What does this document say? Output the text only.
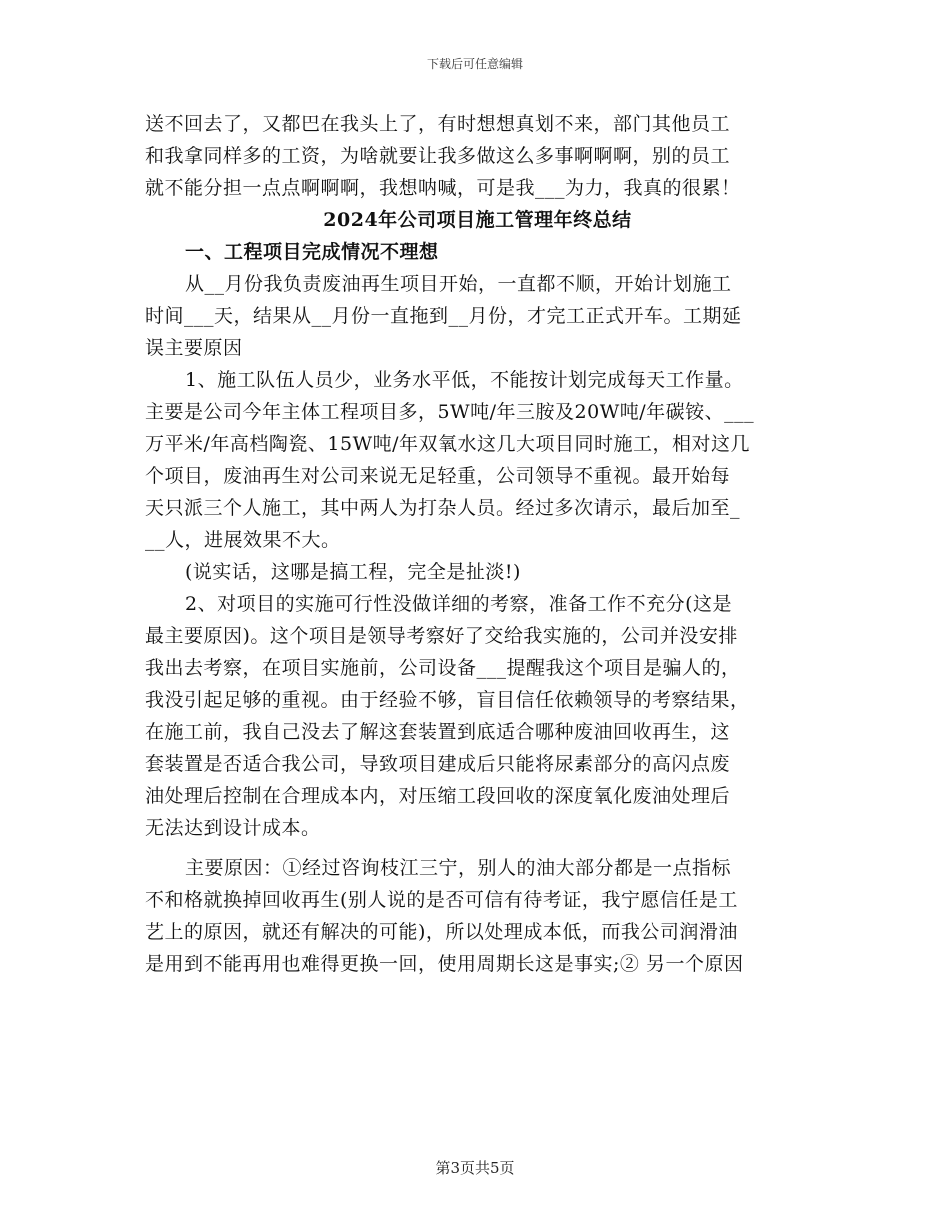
下载后可任意编辑
送不回去了，又都巴在我头上了，有时想想真划不来，部门其他员工
和我拿同样多的工资，为啥就要让我多做这么多事啊啊啊，别的员工
就不能分担一点点啊啊啊，我想呐喊，可是我___为力，我真的很累！
2024年公司项目施工管理年终总结
一、工程项目完成情况不理想
从__月份我负责废油再生项目开始，一直都不顺，开始计划施工
时间___天，结果从__月份一直拖到__月份，才完工正式开车。工期延
误主要原因
1、施工队伍人员少，业务水平低，不能按计划完成每天工作量。
主要是公司今年主体工程项目多，5W吨/年三胺及20W吨/年碳铵、___
万平米/年高档陶瓷、15W吨/年双氧水这几大项目同时施工，相对这几
个项目，废油再生对公司来说无足轻重，公司领导不重视。最开始每
天只派三个人施工，其中两人为打杂人员。经过多次请示，最后加至_
__人，进展效果不大。
(说实话，这哪是搞工程，完全是扯淡!)
2、对项目的实施可行性没做详细的考察，准备工作不充分(这是
最主要原因)。这个项目是领导考察好了交给我实施的，公司并没安排
我出去考察，在项目实施前，公司设备___提醒我这个项目是骗人的，
我没引起足够的重视。由于经验不够，盲目信任依赖领导的考察结果，
在施工前，我自己没去了解这套装置到底适合哪种废油回收再生，这
套装置是否适合我公司，导致项目建成后只能将尿素部分的高闪点废
油处理后控制在合理成本内，对压缩工段回收的深度氧化废油处理后
无法达到设计成本。
主要原因：①经过咨询枝江三宁，别人的油大部分都是一点指标
不和格就换掉回收再生(别人说的是否可信有待考证，我宁愿信任是工
艺上的原因，就还有解决的可能)，所以处理成本低，而我公司润滑油
是用到不能再用也难得更换一回，使用周期长这是事实;② 另一个原因
第3页共5页
